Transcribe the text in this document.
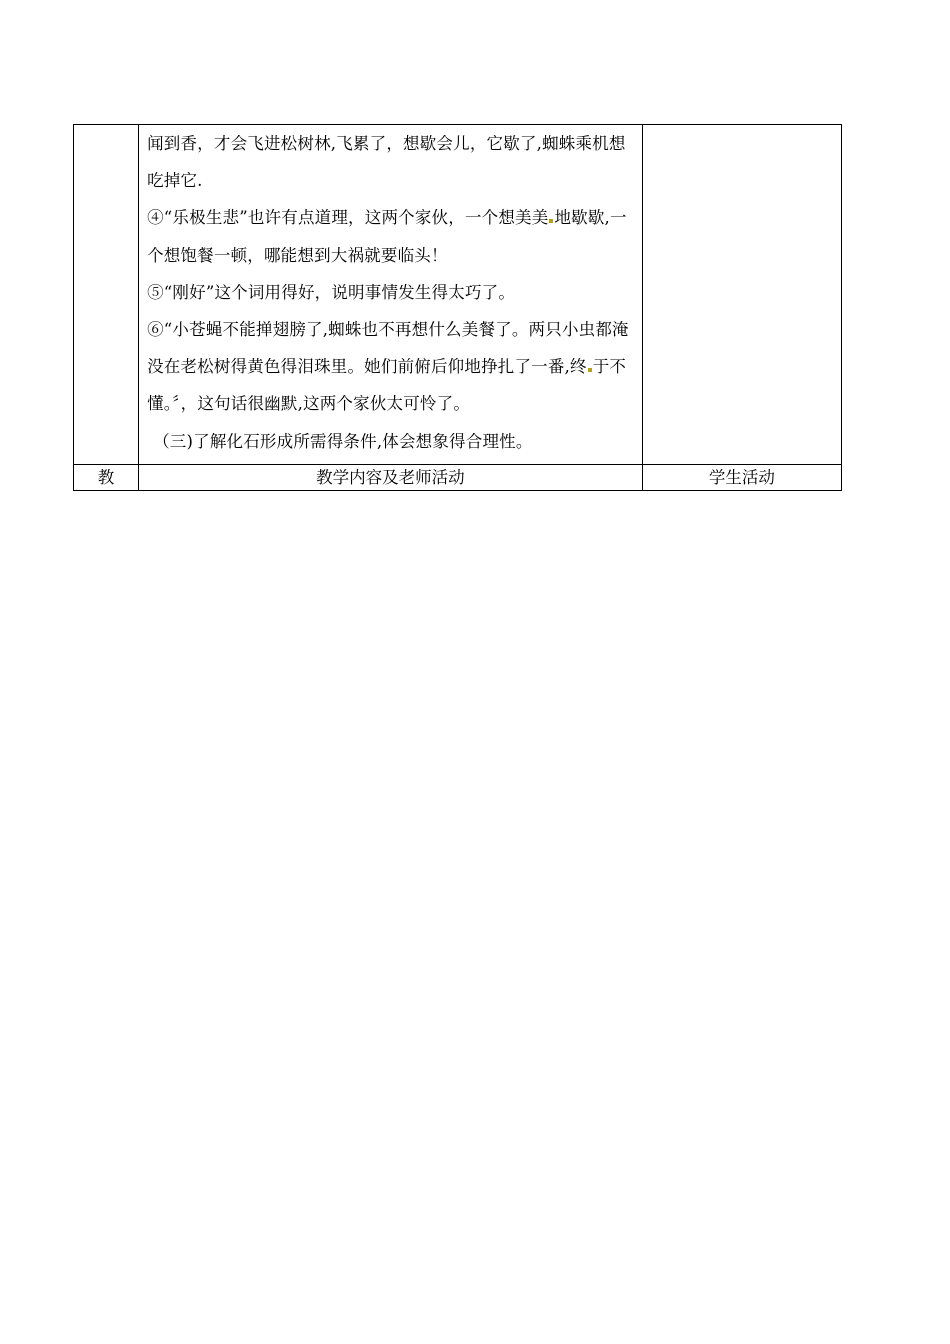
	闻到香，才会飞进松树林,飞累了，想歇会儿，它歇了,蜘蛛乘机想吃掉它.

④“乐极生悲”也许有点道理，这两个家伙，一个想美美 地歇歇,一个想饱餐一顿，哪能想到大祸就要临头！

⑤“刚好”这个词用得好，说明事情发生得太巧了。

⑥“小苍蝇不能掸翅膀了,蜘蛛也不再想什么美餐了。两只小虫都淹没在老松树得黄色得泪珠里。她们前俯后仰地挣扎了一番,终 于不懂。〞，这句话很幽默,这两个家伙太可怜了。

（三)了解化石形成所需得条件,体会想象得合理性。	

教	教学内容及老师活动	学生活动
